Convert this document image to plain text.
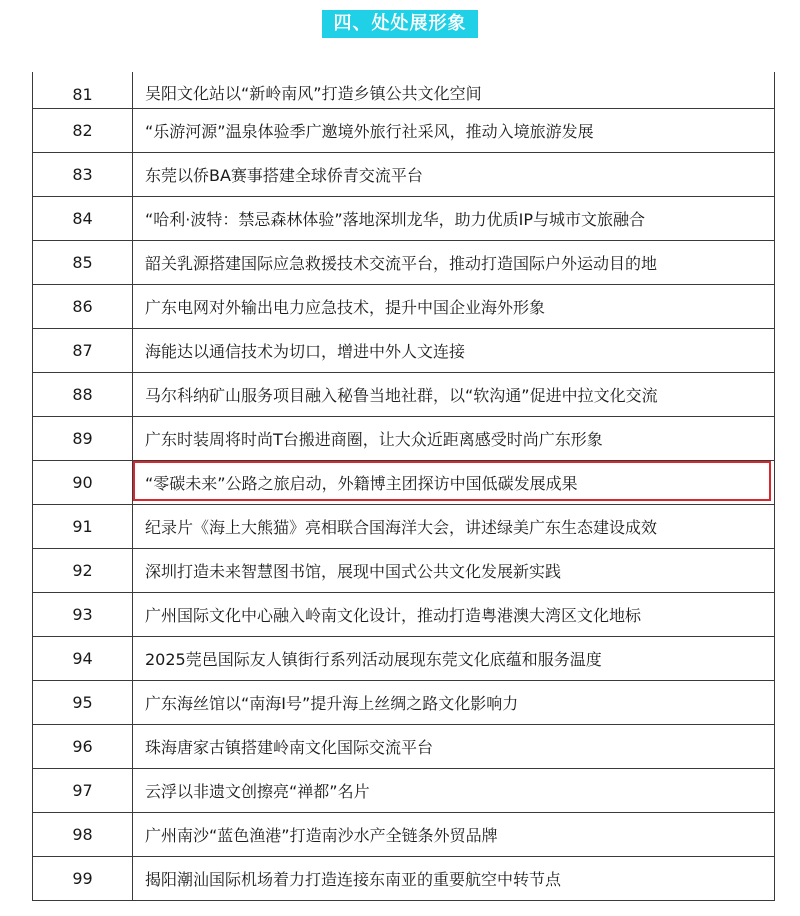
四、处处展形象
81	吴阳文化站以“新岭南风”打造乡镇公共文化空间
82	“乐游河源”温泉体验季广邀境外旅行社采风，推动入境旅游发展
83	东莞以侨BA赛事搭建全球侨青交流平台
84	“哈利·波特：禁忌森林体验”落地深圳龙华，助力优质IP与城市文旅融合
85	韶关乳源搭建国际应急救援技术交流平台，推动打造国际户外运动目的地
86	广东电网对外输出电力应急技术，提升中国企业海外形象
87	海能达以通信技术为切口，增进中外人文连接
88	马尔科纳矿山服务项目融入秘鲁当地社群，以“软沟通”促进中拉文化交流
89	广东时装周将时尚T台搬进商圈，让大众近距离感受时尚广东形象
90	“零碳未来”公路之旅启动，外籍博主团探访中国低碳发展成果
91	纪录片《海上大熊猫》亮相联合国海洋大会，讲述绿美广东生态建设成效
92	深圳打造未来智慧图书馆，展现中国式公共文化发展新实践
93	广州国际文化中心融入岭南文化设计，推动打造粤港澳大湾区文化地标
94	2025莞邑国际友人镇街行系列活动展现东莞文化底蕴和服务温度
95	广东海丝馆以“南海Ⅰ号”提升海上丝绸之路文化影响力
96	珠海唐家古镇搭建岭南文化国际交流平台
97	云浮以非遗文创擦亮“禅都”名片
98	广州南沙“蓝色渔港”打造南沙水产全链条外贸品牌
99	揭阳潮汕国际机场着力打造连接东南亚的重要航空中转节点
